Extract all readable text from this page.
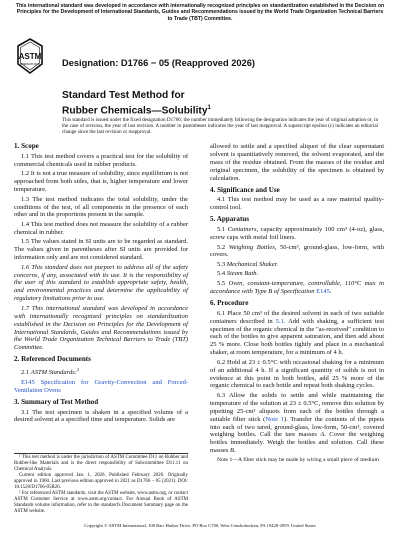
This international standard was developed in accordance with internationally recognized principles on standardization established in the Decision on Principles for the Development of International Standards, Guides and Recommendations issued by the World Trade Organization Technical Barriers to Trade (TBT) Committee.
ASTM
INTERNATIONAL Designation: D1766 − 05 (Reapproved 2026)
Standard Test Method for
Rubber Chemicals—Solubility$^1$
This standard is issued under the fixed designation D1766; the number immediately following the designation indicates the year of original adoption or, in the case of revision, the year of last revision. A number in parentheses indicates the year of last reapproval. A superscript epsilon (ε) indicates an editorial change since the last revision or reapproval.
1. Scope

1.1 This test method covers a practical test for the solubility of commercial chemicals used in rubber products.

1.2 It is not a true measure of solubility, since equilibrium is not approached from both sides, that is, higher temperature and lower temperature.

1.3 The test method indicates the total solubility, under the conditions of the test, of all components in the presence of each other and in the proportions present in the sample.

1.4 This test method does not measure the solubility of a rubber chemical in rubber.

1.5 The values stated in SI units are to be regarded as standard. The values given in parentheses after SI units are provided for information only and are not considered standard.

1.6 This standard does not purport to address all of the safety concerns, if any, associated with its use. It is the responsibility of the user of this standard to establish appropriate safety, health, and environmental practices and determine the applicability of regulatory limitations prior to use.

1.7 This international standard was developed in accordance with internationally recognized principles on standardization established in the Decision on Principles for the Development of International Standards, Guides and Recommendations issued by the World Trade Organization Technical Barriers to Trade (TBT) Committee.

2. Referenced Documents

2.1 ASTM Standards:$^2$

E145 Specification for Gravity-Convection and Forced-Ventilation Ovens

3. Summary of Test Method

3.1 The test specimen is shaken in a specified volume of a desired solvent at a specified time and temperature. Solids are

¹ This test method is under the jurisdiction of ASTM Committee D11 on Rubber and Rubber-like Materials and is the direct responsibility of Subcommittee D11.11 on Chemical Analysis.

Current edition approved Jan. 1, 2026. Published February 2026. Originally approved in 1960. Last previous edition approved in 2021 as D1766 – 05 (2021). DOI: 10.1520/D1766-05R26.

² For referenced ASTM standards, visit the ASTM website, www.astm.org, or contact ASTM Customer Service at www.astm.org/contact. For Annual Book of ASTM Standards volume information, refer to the standard's Document Summary page on the ASTM website.

allowed to settle and a specified aliquot of the clear supernatant solvent is quantitatively removed, the solvent evaporated, and the mass of the residue obtained. From the masses of the residue and original specimen, the solubility of the specimen is obtained by calculation.

4. Significance and Use

4.1 This test method may be used as a raw material quality-control tool.

5. Apparatus

5.1 Containers, capacity approximately 100 cm³ (4-oz), glass, screw caps with metal foil liners.

5.2 Weighing Bottles, 50-cm³, ground-glass, low-form, with covers.

5.3 Mechanical Shaker.

5.4 Steam Bath.

5.5 Oven, constant-temperature, controllable, 110°C max in accordance with Type B of Specification E145.

6. Procedure

6.1 Place 50 cm³ of the desired solvent in each of two suitable containers described in 5.1. Add with shaking, a sufficient test specimen of the organic chemical in the "as-received" condition to each of the bottles to give apparent saturation, and then add about 25 % more. Close both bottles tightly and place in a mechanical shaker, at room temperature, for a minimum of 4 h.

6.2 Hold at 23 ± 0.5°C with occasional shaking for a minimum of an additional 4 h. If a significant quantity of solids is not in evidence at this point in both bottles, add 25 % more of the organic chemical to each bottle and repeat both shaking cycles.

6.3 Allow the solids to settle and while maintaining the temperature of the solution at 23 ± 0.5°C, remove this solution by pipetting 25-cm³ aliquots from each of the bottles through a suitable filter stick (Note 1). Transfer the contents of the pipets into each of two tared, ground-glass, low-form, 50-cm³, covered weighing bottles. Call the tare masses A. Cover the weighing bottles immediately. Weigh the bottles and solution. Call these masses B.

Note 1—A filter stick may be made by wiring a small piece of medium

Copyright © ASTM International, 100 Barr Harbor Drive, PO Box C700, West Conshohocken, PA 19428-2959. United States
